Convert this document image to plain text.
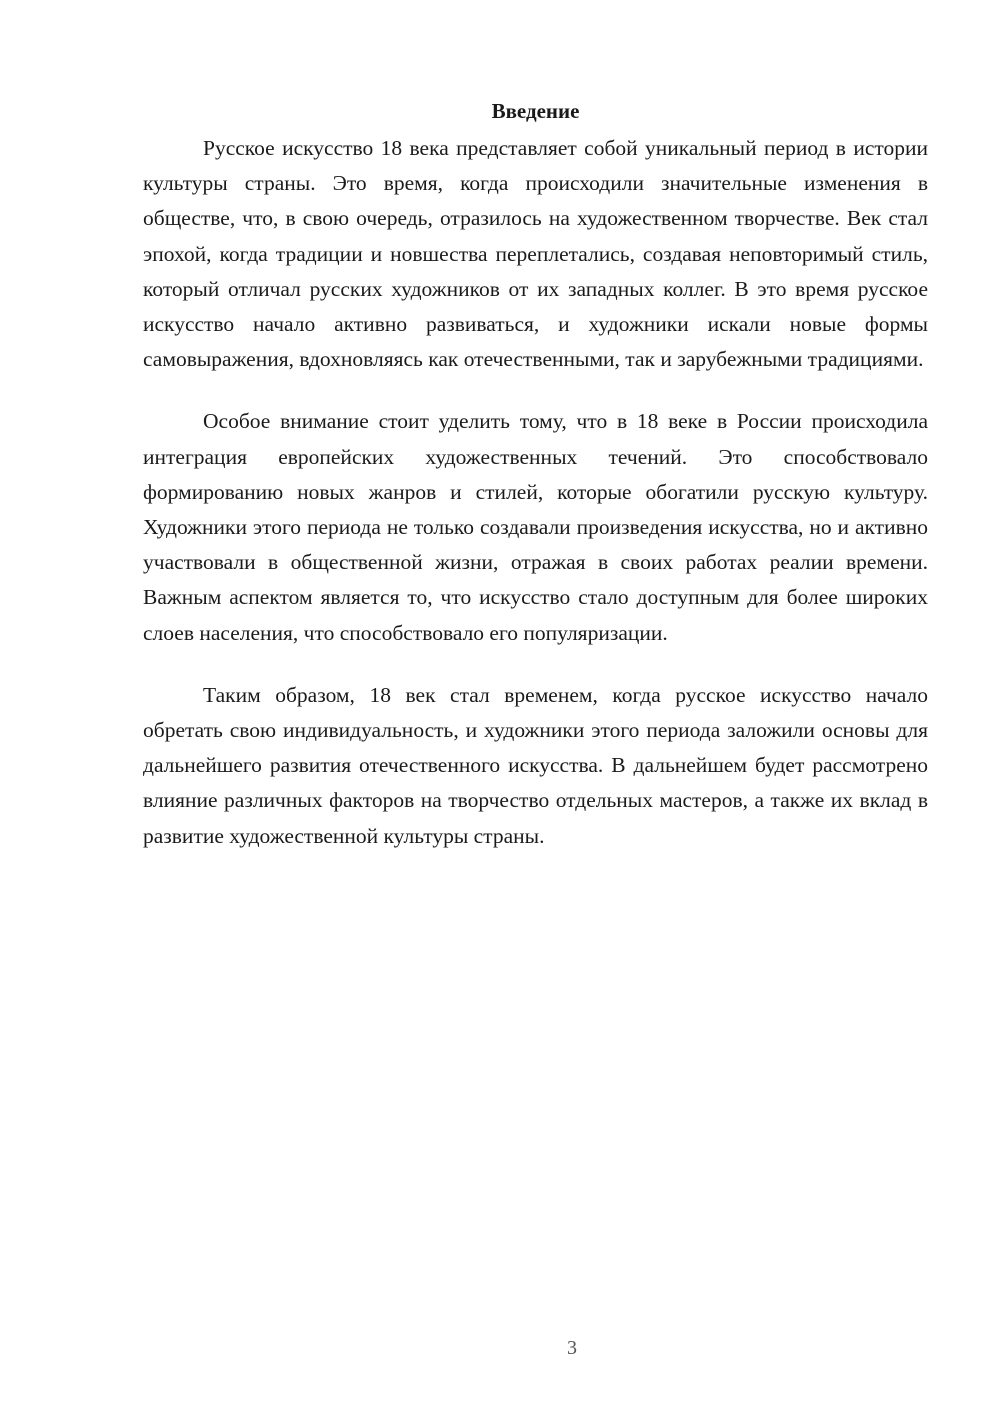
Введение

Русское искусство 18 века представляет собой уникальный период в истории культуры страны. Это время, когда происходили значительные изменения в обществе, что, в свою очередь, отразилось на художественном творчестве. Век стал эпохой, когда традиции и новшества переплетались, создавая неповторимый стиль, который отличал русских художников от их западных коллег. В это время русское искусство начало активно развиваться, и художники искали новые формы самовыражения, вдохновляясь как отечественными, так и зарубежными традициями.

Особое внимание стоит уделить тому, что в 18 веке в России происходила интеграция европейских художественных течений. Это способствовало формированию новых жанров и стилей, которые обогатили русскую культуру. Художники этого периода не только создавали произведения искусства, но и активно участвовали в общественной жизни, отражая в своих работах реалии времени. Важным аспектом является то, что искусство стало доступным для более широких слоев населения, что способствовало его популяризации.

Таким образом, 18 век стал временем, когда русское искусство начало обретать свою индивидуальность, и художники этого периода заложили основы для дальнейшего развития отечественного искусства. В дальнейшем будет рассмотрено влияние различных факторов на творчество отдельных мастеров, а также их вклад в развитие художественной культуры страны.

3
